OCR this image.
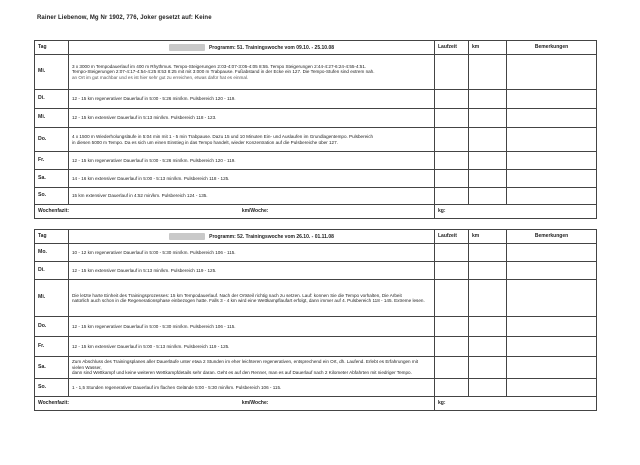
Rainer Liebenow, Mg Nr 1902, 776, Joker gesetzt auf: Keine
Tag	Programm: 51. Trainingswoche vom 09.10. - 25.10.08	Laufzeit	km	Bemerkungen
Mi.	3 x 3000 m Tempodauerlauf im 400 m Rhythmus. Tempo-Steigerungen 2:03-4:07-3:05-4:05 8:55. Tempo Steigerungen 2:44-4:27-6:24-4:55-4:51.
Tempo-Steigerungen 2:07-4:17-4:54-4:25 8:53 8:25 mit mit 3:000 m Trabpause. Fußabstand in der Ecke ein 127. Die Tempo-Stufen sind extrem nah.
an Ort im gut machbar und es ist hier sehr gut zu erreichen, etwas dafür hat es einmal.			

Di.	12 - 15 km regenerativer Dauerlauf in 5:00 - 5:26 min/km. Pulsbereich 120 - 119.			

Mi.	12 - 15 km extensiver Dauerlauf in 5:13 min/km. Pulsbereich 118 - 123.			

Do.	4 x 1500 m Wiederholungsläufe in 5:04 min mit 1 - 5 min Trabpause. Dazu 15 und 10 Minuten Ein- und Auslaufen im Grundlagentempo. Pulsbereich
in diesen 5000 m Tempo. Da es sich um einen Einstieg in das Tempo handelt, wieder Konzentration auf die Pulsbereiche über 127.			

Fr.	12 - 15 km regenerativer Dauerlauf in 5:00 - 5:26 min/km. Pulsbereich 120 - 119.			

Sa.	14 - 16 km extensiver Dauerlauf in 5:00 - 5:13 min/km. Pulsbereich 118 - 125.			

So.	15 km extensiver Dauerlauf in 4:52 min/km. Pulsbereich 124 - 135.			

Wochenfazit: km/Woche:		kg:		
Tag	Programm: 52. Trainingswoche vom 26.10. - 01.11.08	Laufzeit	km	Bemerkungen
Mo.	10 - 12 km regenerativer Dauerlauf in 5:00 - 5:30 min/km. Pulsbereich 106 - 115.			

Di.	12 - 15 km extensiver Dauerlauf in 5:13 min/km. Pulsbereich 119 - 125.			

Mi.	Die letzte harte Einheit des Trainingsprozesses: 15 km Tempodauerlauf. Nach der Ortsteil richtig nach zu setzen. Lauf: konnen Sie die Tempo vorhalten, Die Arbeit
natürlich auch schon in die Regenerationsphase einbezogen hatte. Falls 3 - 4 km wird eine Wettkampflaufart erfolgt, dann immer auf 4. Pulsbereich 118 - 145. Extreme lesen.			

Do.	12 - 15 km regenerativer Dauerlauf in 5:00 - 5:30 min/km. Pulsbereich 106 - 115.			

Fr.	12 - 15 km extensiver Dauerlauf in 5:00 - 5:13 min/km. Pulsbereich 119 - 125.			

Sa.	Zum Abschluss des Trainingsplanes aller Dauerläufe unter etwa 2 Stunden im eher leichteren regenerativen, entsprechend ein Ort, dh. Laufend. Erlebt es Erfahrungen mit vielen Wasser,
dann sind Wettkampf und keine weiteren Wettkampfdetails sehr daran. Geht es auf den Renner, man es auf Dauerlauf nach 2 Kilometer Abfahrten mit niedriger Tempo.			

So.	1 - 1,5 Stunden regenerativer Dauerlauf im flachen Gelände 5:00 - 5:30 min/km. Pulsbereich 106 - 115.			

Wochenfazit: km/Woche:		kg:		
